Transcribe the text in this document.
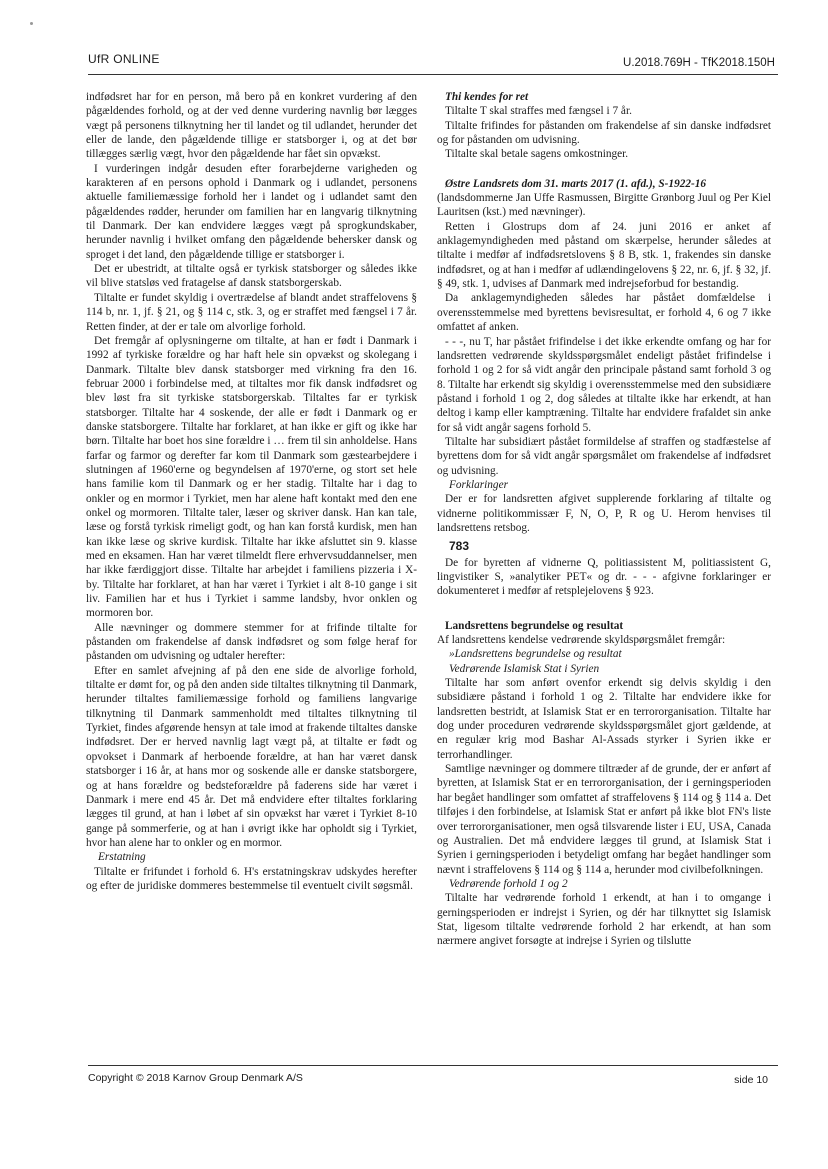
UfR ONLINE	U.2018.769H - TfK2018.150H

indfødsret har for en person, må bero på en konkret vurdering af den pågældendes forhold, og at der ved denne vurdering navnlig bør lægges vægt på personens tilknytning her til landet og til udlandet, herunder det eller de lande, den pågældende tillige er statsborger i, og at det bør tillægges særlig vægt, hvor den pågældende har fået sin opvækst.

I vurderingen indgår desuden efter forarbejderne varigheden og karakteren af en persons ophold i Danmark og i udlandet, personens aktuelle familiemæssige forhold her i landet og i udlandet samt den pågældendes rødder, herunder om familien har en langvarig tilknytning til Danmark. Der kan endvidere lægges vægt på sprogkundskaber, herunder navnlig i hvilket omfang den pågældende behersker dansk og sproget i det land, den pågældende tillige er statsborger i.

Det er ubestridt, at tiltalte også er tyrkisk statsborger og således ikke vil blive statsløs ved fratagelse af dansk statsborgerskab.

Tiltalte er fundet skyldig i overtrædelse af blandt andet straffelovens § 114 b, nr. 1, jf. § 21, og § 114 c, stk. 3, og er straffet med fængsel i 7 år. Retten finder, at der er tale om alvorlige forhold.

Det fremgår af oplysningerne om tiltalte, at han er født i Danmark i 1992 af tyrkiske forældre og har haft hele sin opvækst og skolegang i Danmark. Tiltalte blev dansk statsborger med virkning fra den 16. februar 2000 i forbindelse med, at tiltaltes mor fik dansk indfødsret og blev løst fra sit tyrkiske statsborgerskab. Tiltaltes far er tyrkisk statsborger. Tiltalte har 4 soskende, der alle er født i Danmark og er danske statsborgere. Tiltalte har forklaret, at han ikke er gift og ikke har børn. Tiltalte har boet hos sine forældre i … frem til sin anholdelse. Hans farfar og farmor og derefter far kom til Danmark som gæstearbejdere i slutningen af 1960'erne og begyndelsen af 1970'erne, og stort set hele hans familie kom til Danmark og er her stadig. Tiltalte har i dag to onkler og en mormor i Tyrkiet, men har alene haft kontakt med den ene onkel og mormoren. Tiltalte taler, læser og skriver dansk. Han kan tale, læse og forstå tyrkisk rimeligt godt, og han kan forstå kurdisk, men han kan ikke læse og skrive kurdisk. Tiltalte har ikke afsluttet sin 9. klasse med en eksamen. Han har været tilmeldt flere erhvervsuddannelser, men har ikke færdiggjort disse. Tiltalte har arbejdet i familiens pizzeria i X-by. Tiltalte har forklaret, at han har været i Tyrkiet i alt 8-10 gange i sit liv. Familien har et hus i Tyrkiet i samme landsby, hvor onklen og mormoren bor.

Alle nævninger og dommere stemmer for at frifinde tiltalte for påstanden om frakendelse af dansk indfødsret og som følge heraf for påstanden om udvisning og udtaler herefter:

Efter en samlet afvejning af på den ene side de alvorlige forhold, tiltalte er dømt for, og på den anden side tiltaltes tilknytning til Danmark, herunder tiltaltes familiemæssige forhold og familiens langvarige tilknytning til Danmark sammenholdt med tiltaltes tilknytning til Tyrkiet, findes afgørende hensyn at tale imod at frakende tiltaltes danske indfødsret. Der er herved navnlig lagt vægt på, at tiltalte er født og opvokset i Danmark af herboende forældre, at han har været dansk statsborger i 16 år, at hans mor og soskende alle er danske statsborgere, og at hans forældre og bedsteforældre på faderens side har været i Danmark i mere end 45 år. Det må endvidere efter tiltaltes forklaring lægges til grund, at han i løbet af sin opvækst har været i Tyrkiet 8-10 gange på sommerferie, og at han i øvrigt ikke har opholdt sig i Tyrkiet, hvor han alene har to onkler og en mormor.

Erstatning

Tiltalte er frifundet i forhold 6. H's erstatningskrav udskydes herefter og efter de juridiske dommeres bestemmelse til eventuelt civilt søgsmål.

Thi kendes for ret

Tiltalte T skal straffes med fængsel i 7 år.

Tiltalte frifindes for påstanden om frakendelse af sin danske indfødsret og for påstanden om udvisning.

Tiltalte skal betale sagens omkostninger.

Østre Landsrets dom 31. marts 2017 (1. afd.), S-1922-16

(landsdommerne Jan Uffe Rasmussen, Birgitte Grønborg Juul og Per Kiel Lauritsen (kst.) med nævninger).

Retten i Glostrups dom af 24. juni 2016 er anket af anklagemyndigheden med påstand om skærpelse, herunder således at tiltalte i medfør af indfødsretslovens § 8 B, stk. 1, frakendes sin danske indfødsret, og at han i medfør af udlændingelovens § 22, nr. 6, jf. § 32, jf. § 49, stk. 1, udvises af Danmark med indrejseforbud for bestandig.

Da anklagemyndigheden således har påstået domfældelse i overensstemmelse med byrettens bevisresultat, er forhold 4, 6 og 7 ikke omfattet af anken.

- - -, nu T, har påstået frifindelse i det ikke erkendte omfang og har for landsretten vedrørende skyldsspørgsmålet endeligt påstået frifindelse i forhold 1 og 2 for så vidt angår den principale påstand samt forhold 3 og 8. Tiltalte har erkendt sig skyldig i overensstemmelse med den subsidiære påstand i forhold 1 og 2, dog således at tiltalte ikke har erkendt, at han deltog i kamp eller kamptræning. Tiltalte har endvidere frafaldet sin anke for så vidt angår sagens forhold 5.

Tiltalte har subsidiært påstået formildelse af straffen og stadfæstelse af byrettens dom for så vidt angår spørgsmålet om frakendelse af indfødsret og udvisning.

Forklaringer

Der er for landsretten afgivet supplerende forklaring af tiltalte og vidnerne politikommissær F, N, O, P, R og U. Herom henvises til landsrettens retsbog.

783

De for byretten af vidnerne Q, politiassistent M, politiassistent G, lingvistiker S, »analytiker PET« og dr. - - - afgivne forklaringer er dokumenteret i medfør af retsplejelovens § 923.

Landsrettens begrundelse og resultat

Af landsrettens kendelse vedrørende skyldspørgsmålet fremgår:

»Landsrettens begrundelse og resultat

Vedrørende Islamisk Stat i Syrien

Tiltalte har som anført ovenfor erkendt sig delvis skyldig i den subsidiære påstand i forhold 1 og 2. Tiltalte har endvidere ikke for landsretten bestridt, at Islamisk Stat er en terrororganisation. Tiltalte har dog under proceduren vedrørende skyldsspørgsmålet gjort gældende, at en regulær krig mod Bashar Al-Assads styrker i Syrien ikke er terrorhandlinger.

Samtlige nævninger og dommere tiltræder af de grunde, der er anført af byretten, at Islamisk Stat er en terrororganisation, der i gerningsperioden har begået handlinger som omfattet af straffelovens § 114 og § 114 a. Det tilføjes i den forbindelse, at Islamisk Stat er anført på ikke blot FN's liste over terrororganisationer, men også tilsvarende lister i EU, USA, Canada og Australien. Det må endvidere lægges til grund, at Islamisk Stat i Syrien i gerningsperioden i betydeligt omfang har begået handlinger som nævnt i straffelovens § 114 og § 114 a, herunder mod civilbefolkningen.

Vedrørende forhold 1 og 2

Tiltalte har vedrørende forhold 1 erkendt, at han i to omgange i gerningsperioden er indrejst i Syrien, og dér har tilknyttet sig Islamisk Stat, ligesom tiltalte vedrørende forhold 2 har erkendt, at han som nærmere angivet forsøgte at indrejse i Syrien og tilslutte

Copyright © 2018 Karnov Group Denmark A/S	side 10
